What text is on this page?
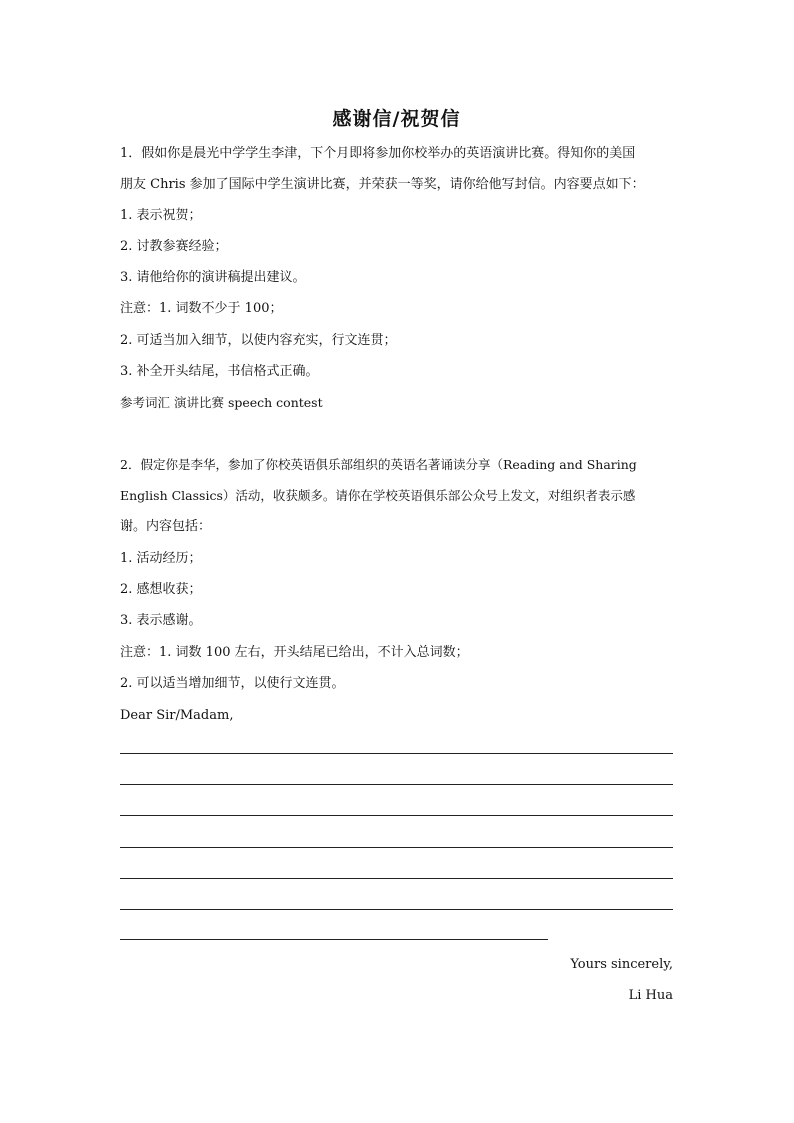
感谢信/祝贺信
1．假如你是晨光中学学生李津，下个月即将参加你校举办的英语演讲比赛。得知你的美国
朋友 Chris 参加了国际中学生演讲比赛，并荣获一等奖，请你给他写封信。内容要点如下：
1. 表示祝贺；
2. 讨教参赛经验；
3. 请他给你的演讲稿提出建议。
注意：1. 词数不少于 100；
2. 可适当加入细节，以使内容充实，行文连贯；
3. 补全开头结尾，书信格式正确。
参考词汇 演讲比赛 speech contest
2．假定你是李华，参加了你校英语俱乐部组织的英语名著诵读分享（Reading and Sharing
English Classics）活动，收获颇多。请你在学校英语俱乐部公众号上发文，对组织者表示感
谢。内容包括：
1. 活动经历；
2. 感想收获；
3. 表示感谢。
注意：1. 词数 100 左右，开头结尾已给出，不计入总词数；
2. 可以适当增加细节，以使行文连贯。
Dear Sir/Madam,
Yours sincerely,
Li Hua
